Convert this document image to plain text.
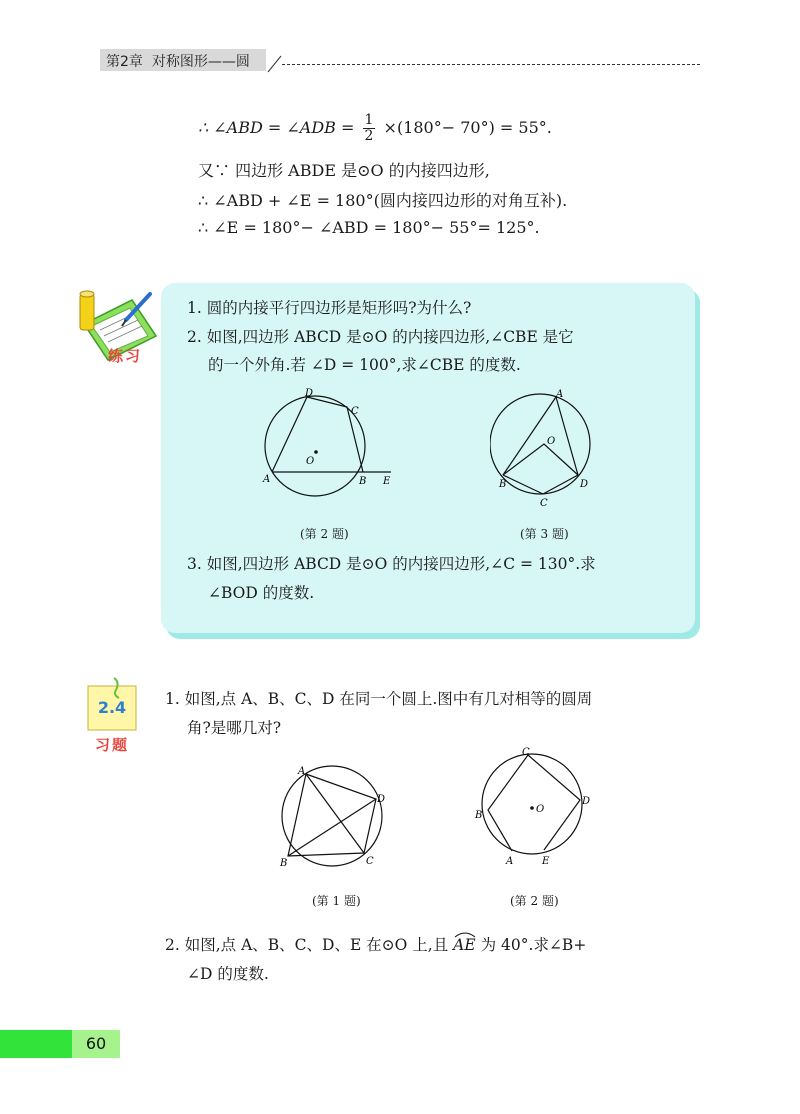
第2章 对称图形——圆
∴ ∠ABD = ∠ADB = $\frac{1}{2} \times(180^\circ- 70^\circ) = 55^\circ$.
又∵ 四边形 ABDE 是⊙O 的内接四边形,
∴ ∠ABD + ∠E = 180°(圆内接四边形的对角互补).
∴ ∠E = 180°− ∠ABD = 180°− 55°= 125°.
练习
1. 圆的内接平行四边形是矩形吗?为什么?
2. 如图,四边形 ABCD 是⊙O 的内接四边形,∠CBE 是它
的一个外角.若 ∠D = 100°,求∠CBE 的度数.
D
C
A	B E
O
A
O
B
C
D
(第 2 题)	(第 3 题)
3. 如图,四边形 ABCD 是⊙O 的内接四边形,∠C = 130°.求
∠BOD 的度数.
2.4
习题
1. 如图,点 A、B、C、D 在同一个圆上.图中有几对相等的圆周
角?是哪几对?
A
D
B	C
C
D
B
O
A	E
(第 1 题)	(第 2 题)
2. 如图,点 A、B、C、D、E 在⊙O 上,且 AE
为 40°.求∠B+
∠D 的度数.
60
